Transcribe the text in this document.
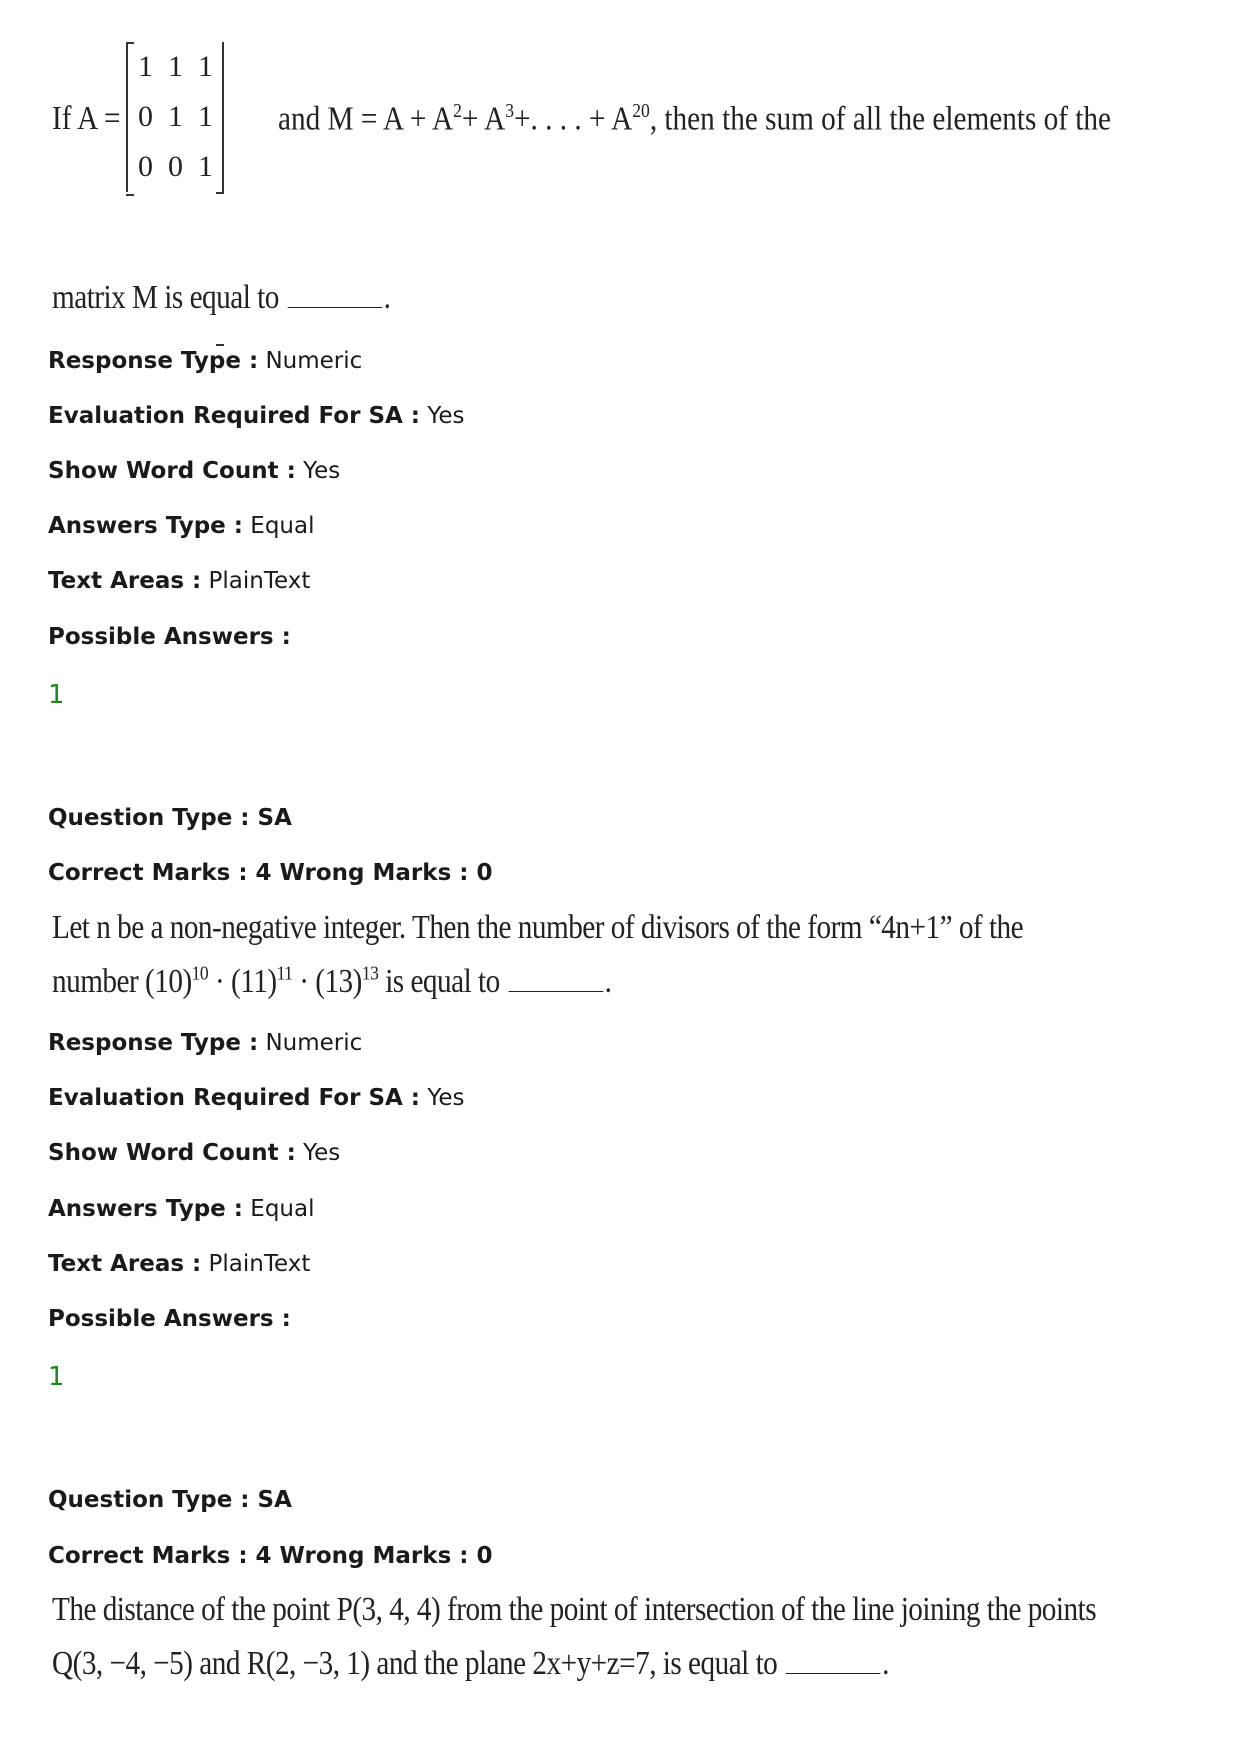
If A =
1 1 1
0 1 1
0 0 1
and $M = A + A^2+ A^3+$. . . . + $A^{20}$, then the sum of all the elements of the
matrix M is equal to	.
Response Type : Numeric
Evaluation Required For SA : Yes
Show Word Count : Yes
Answers Type : Equal
Text Areas : PlainText
Possible Answers :
1
Question Type : SA
Correct Marks : 4 Wrong Marks : 0
Let n be a non-negative integer. Then the number of divisors of the form “4n+1” of the
number $(10)^{10} \cdot (11)^{11} \cdot (13)^{13}$ is equal to	.
Response Type : Numeric
Evaluation Required For SA : Yes
Show Word Count : Yes
Answers Type : Equal
Text Areas : PlainText
Possible Answers :
1
Question Type : SA
Correct Marks : 4 Wrong Marks : 0
The distance of the point P(3, 4, 4) from the point of intersection of the line joining the points
Q(3, −4, −5) and R(2, −3, 1) and the plane 2x+y+z=7, is equal to	.
